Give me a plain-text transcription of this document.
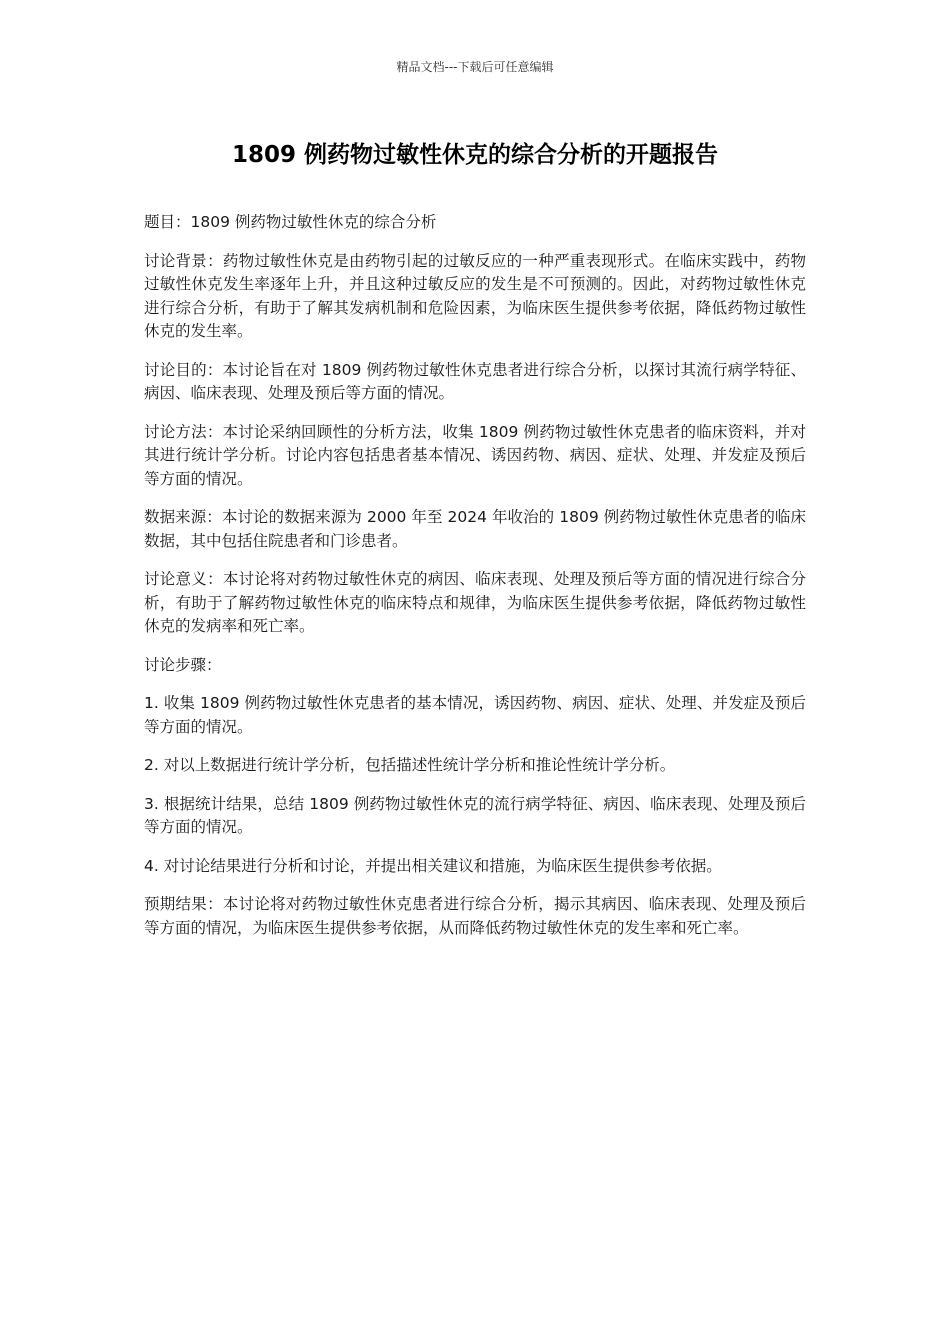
精品文档---下载后可任意编辑
1809 例药物过敏性休克的综合分析的开题报告

题目：1809 例药物过敏性休克的综合分析

讨论背景：药物过敏性休克是由药物引起的过敏反应的一种严重表现形式。在临床实践中，药物过敏性休克发生率逐年上升，并且这种过敏反应的发生是不可预测的。因此，对药物过敏性休克进行综合分析，有助于了解其发病机制和危险因素，为临床医生提供参考依据，降低药物过敏性休克的发生率。

讨论目的：本讨论旨在对 1809 例药物过敏性休克患者进行综合分析，以探讨其流行病学特征、病因、临床表现、处理及预后等方面的情况。

讨论方法：本讨论采纳回顾性的分析方法，收集 1809 例药物过敏性休克患者的临床资料，并对其进行统计学分析。讨论内容包括患者基本情况、诱因药物、病因、症状、处理、并发症及预后等方面的情况。

数据来源：本讨论的数据来源为 2000 年至 2024 年收治的 1809 例药物过敏性休克患者的临床数据，其中包括住院患者和门诊患者。

讨论意义：本讨论将对药物过敏性休克的病因、临床表现、处理及预后等方面的情况进行综合分析，有助于了解药物过敏性休克的临床特点和规律，为临床医生提供参考依据，降低药物过敏性休克的发病率和死亡率。

讨论步骤：

1. 收集 1809 例药物过敏性休克患者的基本情况，诱因药物、病因、症状、处理、并发症及预后等方面的情况。

2. 对以上数据进行统计学分析，包括描述性统计学分析和推论性统计学分析。

3. 根据统计结果，总结 1809 例药物过敏性休克的流行病学特征、病因、临床表现、处理及预后等方面的情况。

4. 对讨论结果进行分析和讨论，并提出相关建议和措施，为临床医生提供参考依据。

预期结果：本讨论将对药物过敏性休克患者进行综合分析，揭示其病因、临床表现、处理及预后等方面的情况，为临床医生提供参考依据，从而降低药物过敏性休克的发生率和死亡率。
